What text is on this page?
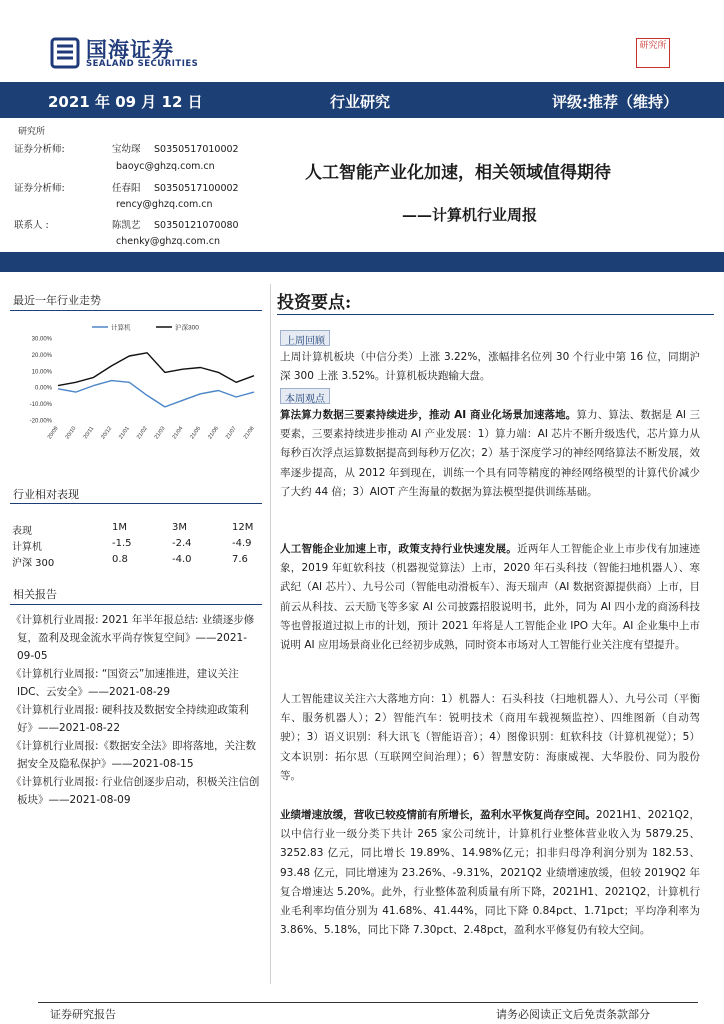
国海证券
SEALAND SECURITIES
研究所
2021 年 09 月 12 日	行业研究	评级:推荐（维持）
研究所
证券分析师:	宝幼琛 S0350517010002
baoyc@ghzq.com.cn
证券分析师:	任春阳 S0350517100002
rency@ghzq.com.cn
联系人 :	陈凯艺 S0350121070080
chenky@ghzq.com.cn
人工智能产业化加速，相关领域值得期待
——计算机行业周报
最近一年行业走势
30.00%
20.00%
10.00%
0.00%
-10.00%
-20.00%
计算机	沪深300
20/09 20/10 20/11 20/12 21/01 21/02 21/03 21/04 21/05 21/06 21/07 21/08
行业相对表现
表现	1M	3M	12M
计算机	-1.5	-2.4	-4.9
沪深 300	0.8	-4.0	7.6
相关报告

《计算机行业周报: 2021 年半年报总结: 业绩逐步修复，盈利及现金流水平尚存恢复空间》——2021-09-05

《计算机行业周报: “国资云”加速推进，建议关注 IDC、云安全》——2021-08-29

《计算机行业周报: 硬科技及数据安全持续迎政策利好》——2021-08-22

《计算机行业周报:《数据安全法》即将落地，关注数据安全及隐私保护》——2021-08-15

《计算机行业周报: 行业信创逐步启动，积极关注信创板块》——2021-08-09

投资要点:
上周回顾
上周计算机板块（中信分类）上涨 3.22%，涨幅排名位列 30 个行业中第 16 位，同期沪深 300 上涨 3.52%。计算机板块跑输大盘。
本周观点
算法算力数据三要素持续进步，推动 AI 商业化场景加速落地。算力、算法、数据是 AI 三要素，三要素持续进步推动 AI 产业发展：1）算力端：AI 芯片不断升级迭代，芯片算力从每秒百次浮点运算数据提高到每秒万亿次；2）基于深度学习的神经网络算法不断发展，效率逐步提高，从 2012 年到现在，训练一个具有同等精度的神经网络模型的计算代价减少了大约 44 倍；3）AIOT 产生海量的数据为算法模型提供训练基础。
人工智能企业加速上市，政策支持行业快速发展。近两年人工智能企业上市步伐有加速迹象，2019 年虹软科技（机器视觉算法）上市，2020 年石头科技（智能扫地机器人）、寒武纪（AI 芯片）、九号公司（智能电动滑板车）、海天瑞声（AI 数据资源提供商）上市，目前云从科技、云天励飞等多家 AI 公司披露招股说明书，此外，同为 AI 四小龙的商汤科技等也曾报道过拟上市的计划，预计 2021 年将是人工智能企业 IPO 大年。AI 企业集中上市说明 AI 应用场景商业化已经初步成熟，同时资本市场对人工智能行业关注度有望提升。
人工智能建议关注六大落地方向：1）机器人：石头科技（扫地机器人）、九号公司（平衡车、服务机器人）；2）智能汽车：锐明技术（商用车载视频监控）、四维图新（自动驾驶）；3）语义识别：科大讯飞（智能语音）；4）图像识别：虹软科技（计算机视觉）；5）文本识别：拓尔思（互联网空间治理）；6）智慧安防：海康威视、大华股份、同为股份等。
业绩增速放缓，营收已较疫情前有所增长，盈利水平恢复尚存空间。2021H1、2021Q2，以中信行业一级分类下共计 265 家公司统计，计算机行业整体营业收入为 5879.25、3252.83 亿元，同比增长 19.89%、14.98%亿元；扣非归母净利润分别为 182.53、93.48 亿元，同比增速为 23.26%、-9.31%，2021Q2 业绩增速放缓，但较 2019Q2 年复合增速达 5.20%。此外，行业整体盈利质量有所下降，2021H1、2021Q2，计算机行业毛利率均值分别为 41.68%、41.44%，同比下降 0.84pct、1.71pct；平均净利率为 3.86%、5.18%，同比下降 7.30pct、2.48pct，盈利水平修复仍有较大空间。
证券研究报告	请务必阅读正文后免责条款部分
